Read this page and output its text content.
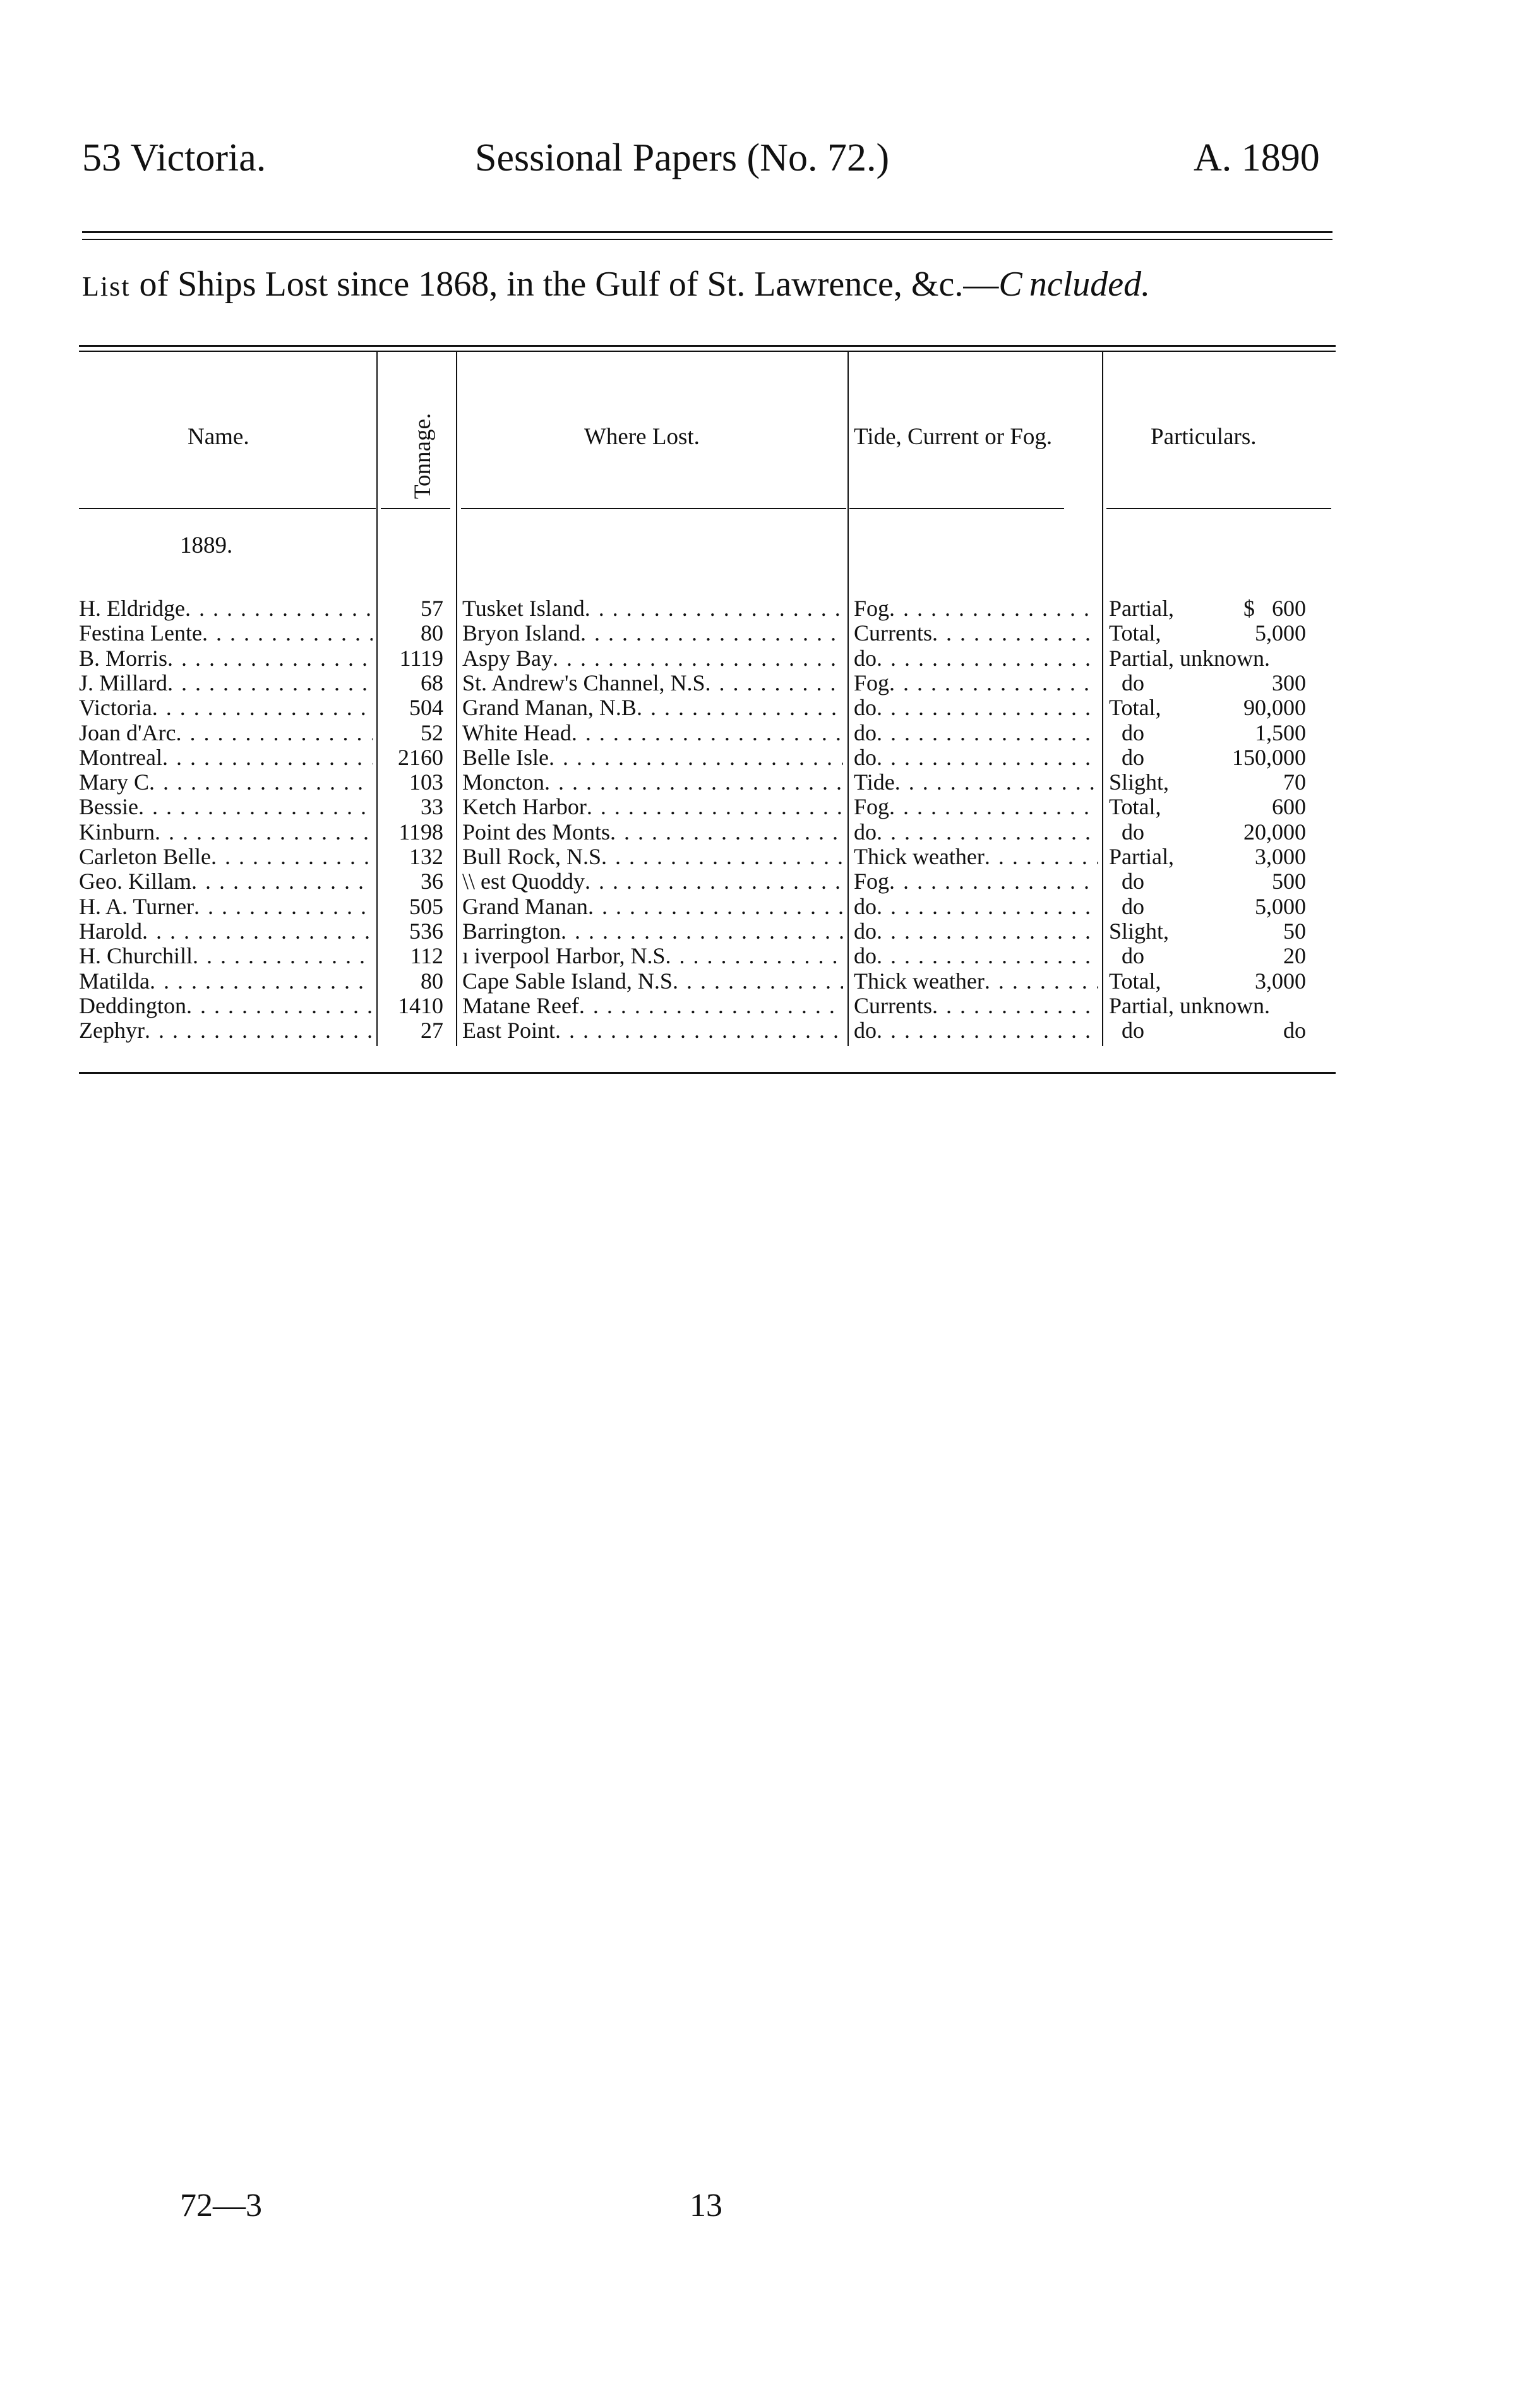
53 Victoria.	Sessional Papers (No. 72.)	A. 1890
List of Ships Lost since 1868, in the Gulf of St. Lawrence, &c.—C ncluded.
Name.	Tonnage.	Where Lost.	Tide, Current or Fog.	Particulars.
1889.
H. Eldridge . . .	57 Tusket Island . . .	Fog . . .	Partial,	$   600
Festina Lente . . .	80 Bryon Island . . .	Currents . . .	Total,	5,000
B. Morris . . .	1119 Aspy Bay . . .	do . . .	Partial, unknown.
J. Millard . . .	68 St. Andrew's Channel, N.S . . .	Fog . . .	do	300
Victoria . . .	504 Grand Manan, N.B . . .	do . . .	Total,	90,000
Joan d'Arc . . .	52 White Head . . .	do . . .	do	1,500
Montreal . . .	2160 Belle Isle . . .	do . . .	do	150,000
Mary C . . .	103 Moncton . . .	Tide . . .	Slight,	70
Bessie . . .	33 Ketch Harbor . . .	Fog . . .	Total,	600
Kinburn . . .	1198 Point des Monts . . .	do . . .	do	20,000
Carleton Belle . . .	132 Bull Rock, N.S . . .	Thick weather . . .	Partial,	3,000
Geo. Killam . . .	36 \\ est Quoddy . . .	Fog . . .	do	500
H. A. Turner . . .	505 Grand Manan . . .	do . . .	do	5,000
Harold . . .	536 Barrington . . .	do . . .	Slight,	50
H. Churchill . . .	112 ı iverpool Harbor, N.S . . .	do . . .	do	20
Matilda . . .	80 Cape Sable Island, N.S . . .	Thick weather . . .	Total,	3,000
Deddington . . .	1410 Matane Reef . . .	Currents . . .	Partial, unknown.
Zephyr . . .	27 East Point . . .	do . . .	do	do
72—3	13
